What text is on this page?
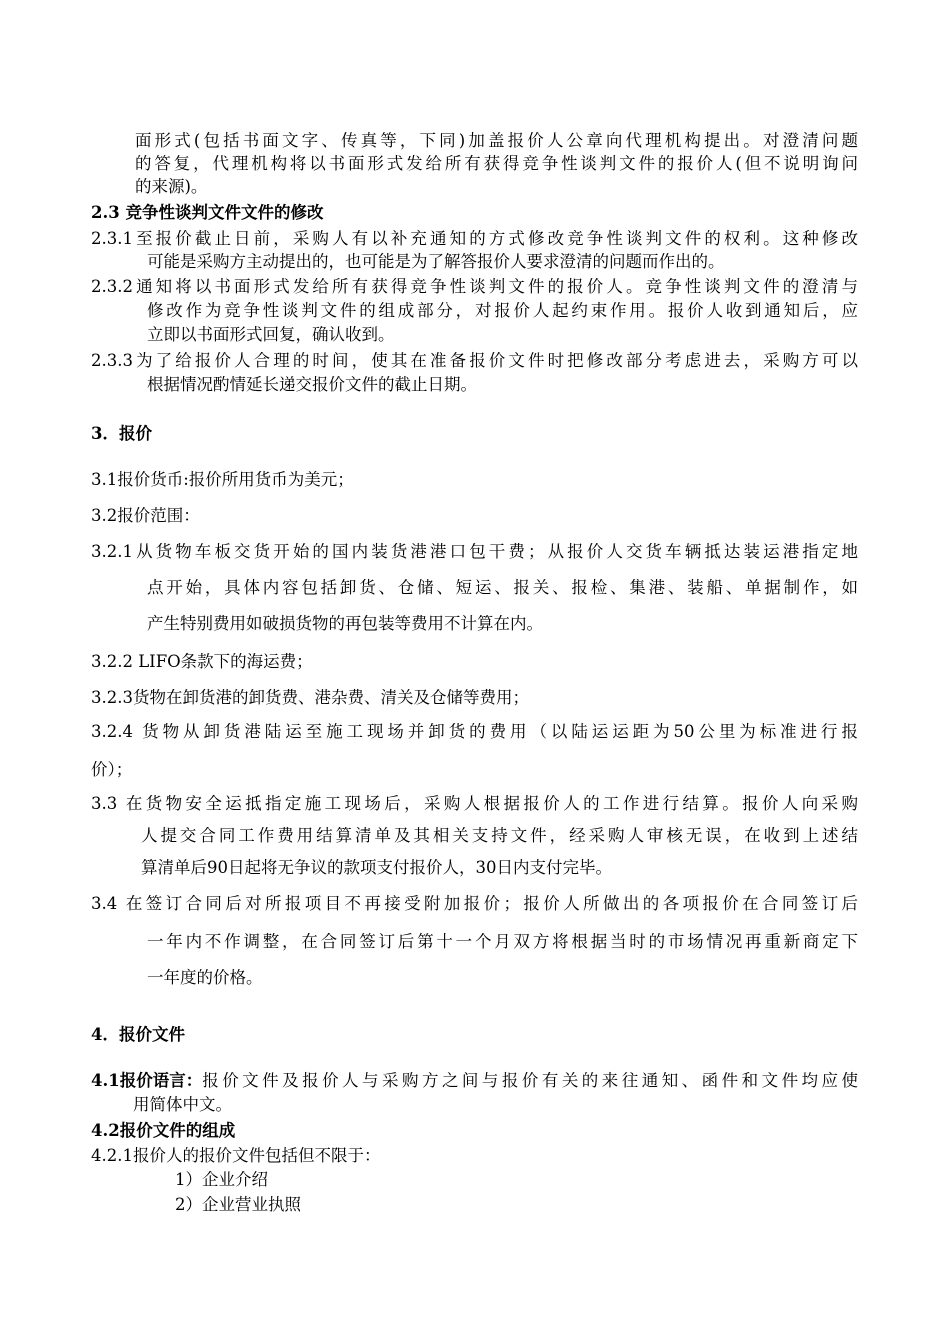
面形式(包括书面文字、传真等，下同)加盖报价人公章向代理机构提出。对澄清问题
的答复，代理机构将以书面形式发给所有获得竞争性谈判文件的报价人(但不说明询问
的来源)。
2.3 竞争性谈判文件文件的修改
2.3.1至报价截止日前，采购人有以补充通知的方式修改竞争性谈判文件的权利。这种修改
可能是采购方主动提出的，也可能是为了解答报价人要求澄清的问题而作出的。
2.3.2通知将以书面形式发给所有获得竞争性谈判文件的报价人。竞争性谈判文件的澄清与
修改作为竞争性谈判文件的组成部分，对报价人起约束作用。报价人收到通知后，应
立即以书面形式回复，确认收到。
2.3.3为了给报价人合理的时间，使其在准备报价文件时把修改部分考虑进去，采购方可以
根据情况酌情延长递交报价文件的截止日期。
3．报价
3.1报价货币:报价所用货币为美元；
3.2报价范围：
3.2.1从货物车板交货开始的国内装货港港口包干费；从报价人交货车辆抵达装运港指定地
点开始，具体内容包括卸货、仓储、短运、报关、报检、集港、装船、单据制作，如
产生特别费用如破损货物的再包装等费用不计算在内。
3.2.2 LIFO条款下的海运费；
3.2.3货物在卸货港的卸货费、港杂费、清关及仓储等费用；
3.2.4 货物从卸货港陆运至施工现场并卸货的费用（以陆运运距为50公里为标准进行报
价）；
3.3 在货物安全运抵指定施工现场后，采购人根据报价人的工作进行结算。报价人向采购
人提交合同工作费用结算清单及其相关支持文件，经采购人审核无误，在收到上述结
算清单后90日起将无争议的款项支付报价人，30日内支付完毕。
3.4 在签订合同后对所报项目不再接受附加报价；报价人所做出的各项报价在合同签订后
一年内不作调整，在合同签订后第十一个月双方将根据当时的市场情况再重新商定下
一年度的价格。
4．报价文件
4.1报价语言： 报价文件及报价人与采购方之间与报价有关的来往通知、函件和文件均应使
用简体中文。
4.2报价文件的组成
4.2.1报价人的报价文件包括但不限于：
1）企业介绍
2）企业营业执照
